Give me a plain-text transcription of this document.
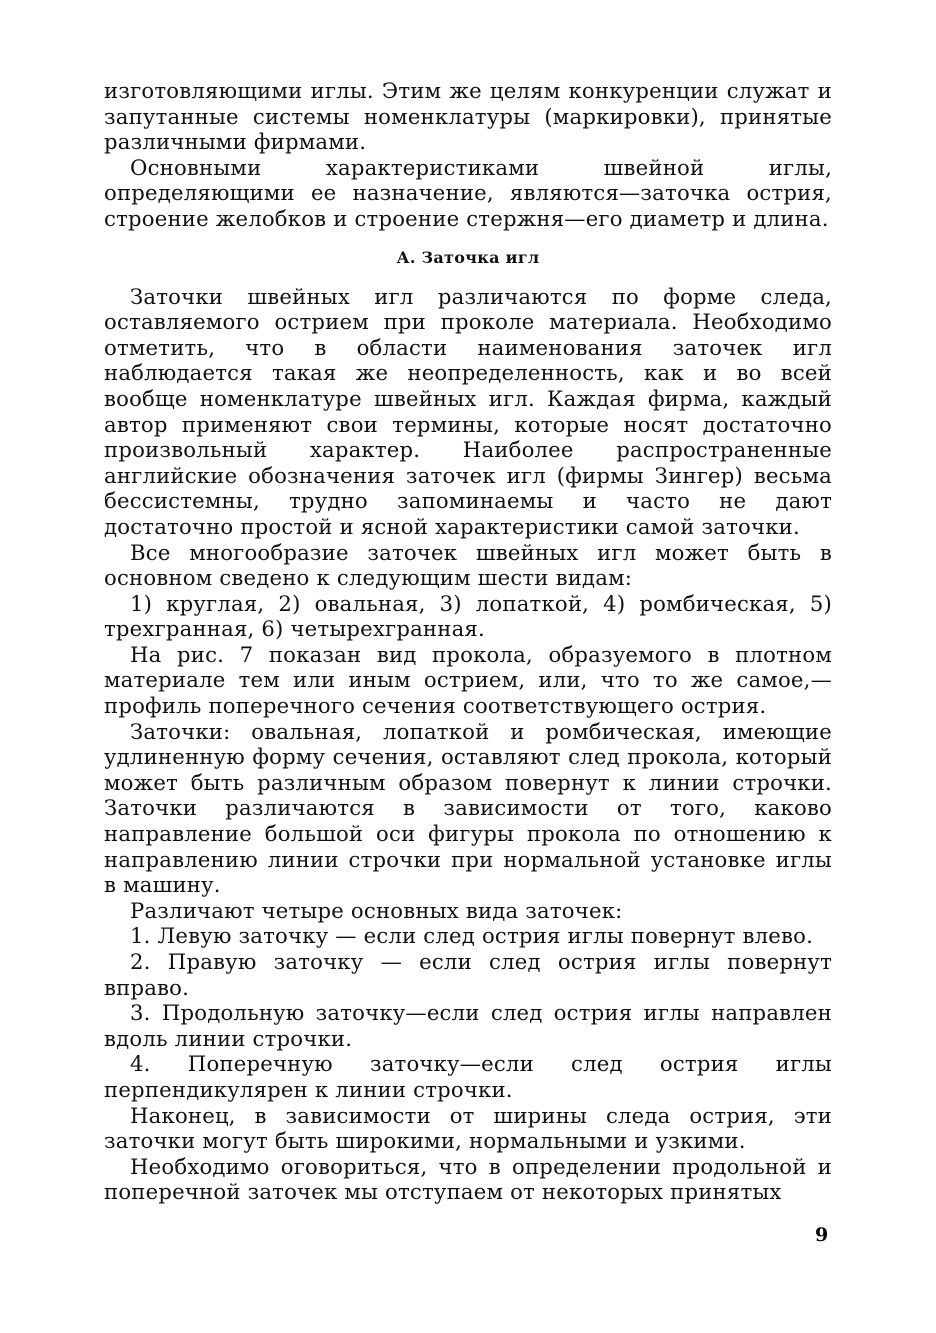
изготовляющими иглы. Этим же целям конкуренции служат и запутанные системы номенклатуры (маркировки), принятые различными фирмами.

Основными характеристиками швейной иглы, определяющими ее назначение, являются—заточка острия, строение желобков и строение стержня—его диаметр и длина.

А. Заточка игл

Заточки швейных игл различаются по форме следа, оставляемого острием при проколе материала. Необходимо отметить, что в области наименования заточек игл наблюдается такая же неопределенность, как и во всей вообще номенклатуре швейных игл. Каждая фирма, каждый автор применяют свои термины, которые носят достаточно произвольный характер. Наиболее распространенные английские обозначения заточек игл (фирмы Зингер) весьма бессистемны, трудно запоминаемы и часто не дают достаточно простой и ясной характеристики самой заточки.

Все многообразие заточек швейных игл может быть в основном сведено к следующим шести видам:

1) круглая, 2) овальная, 3) лопаткой, 4) ромбическая, 5) трехгранная, 6) четырехгранная.

На рис. 7 показан вид прокола, образуемого в плотном материале тем или иным острием, или, что то же самое,— профиль поперечного сечения соответствующего острия.

Заточки: овальная, лопаткой и ромбическая, имеющие удлиненную форму сечения, оставляют след прокола, который может быть различным образом повернут к линии строчки. Заточки различаются в зависимости от того, каково направление большой оси фигуры прокола по отношению к направлению линии строчки при нормальной установке иглы в машину.

Различают четыре основных вида заточек:

1. Левую заточку — если след острия иглы повернут влево.

2. Правую заточку — если след острия иглы повернут вправо.

3. Продольную заточку—если след острия иглы направлен вдоль линии строчки.

4. Поперечную заточку—если след острия иглы перпендикулярен к линии строчки.

Наконец, в зависимости от ширины следа острия, эти заточки могут быть широкими, нормальными и узкими.

Необходимо оговориться, что в определении продольной и поперечной заточек мы отступаем от некоторых принятых

9
